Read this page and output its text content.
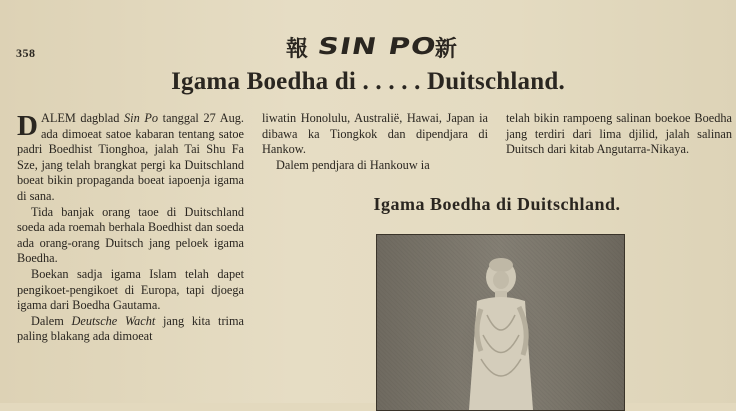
358	報 SIN PO
新
Igama Boedha di . . . . . Duitschland.

DALEM dagblad Sin Po tanggal 27 Aug. ada dimoeat satoe kabaran tentang satoe padri Boedhist Tionghoa, jalah Tai Shu Fa Sze, jang telah brangkat pergi ka Duitschland boeat bikin propaganda boeat iapoenja igama di sana.

Tida banjak orang taoe di Duitschland soeda ada roemah berhala Boedhist dan soeda ada orang-orang Duitsch jang peloek igama Boedha.

Boekan sadja igama Islam telah dapet pengikoet-pengikoet di Europa, tapi djoega igama dari Boedha Gautama.

Dalem Deutsche Wacht jang kita trima paling blakang ada dimoeat

liwatin Honolulu, Australië, Hawai, Japan ia dibawa ka Tiongkok dan dipendjara di Hankow.

Dalem pendjara di Hankouw ia

telah bikin rampoeng salinan boekoe Boedha jang terdiri dari lima djilid, jalah salinan Duitsch dari kitab Angutarra-Nikaya.

Igama Boedha di Duitschland.
